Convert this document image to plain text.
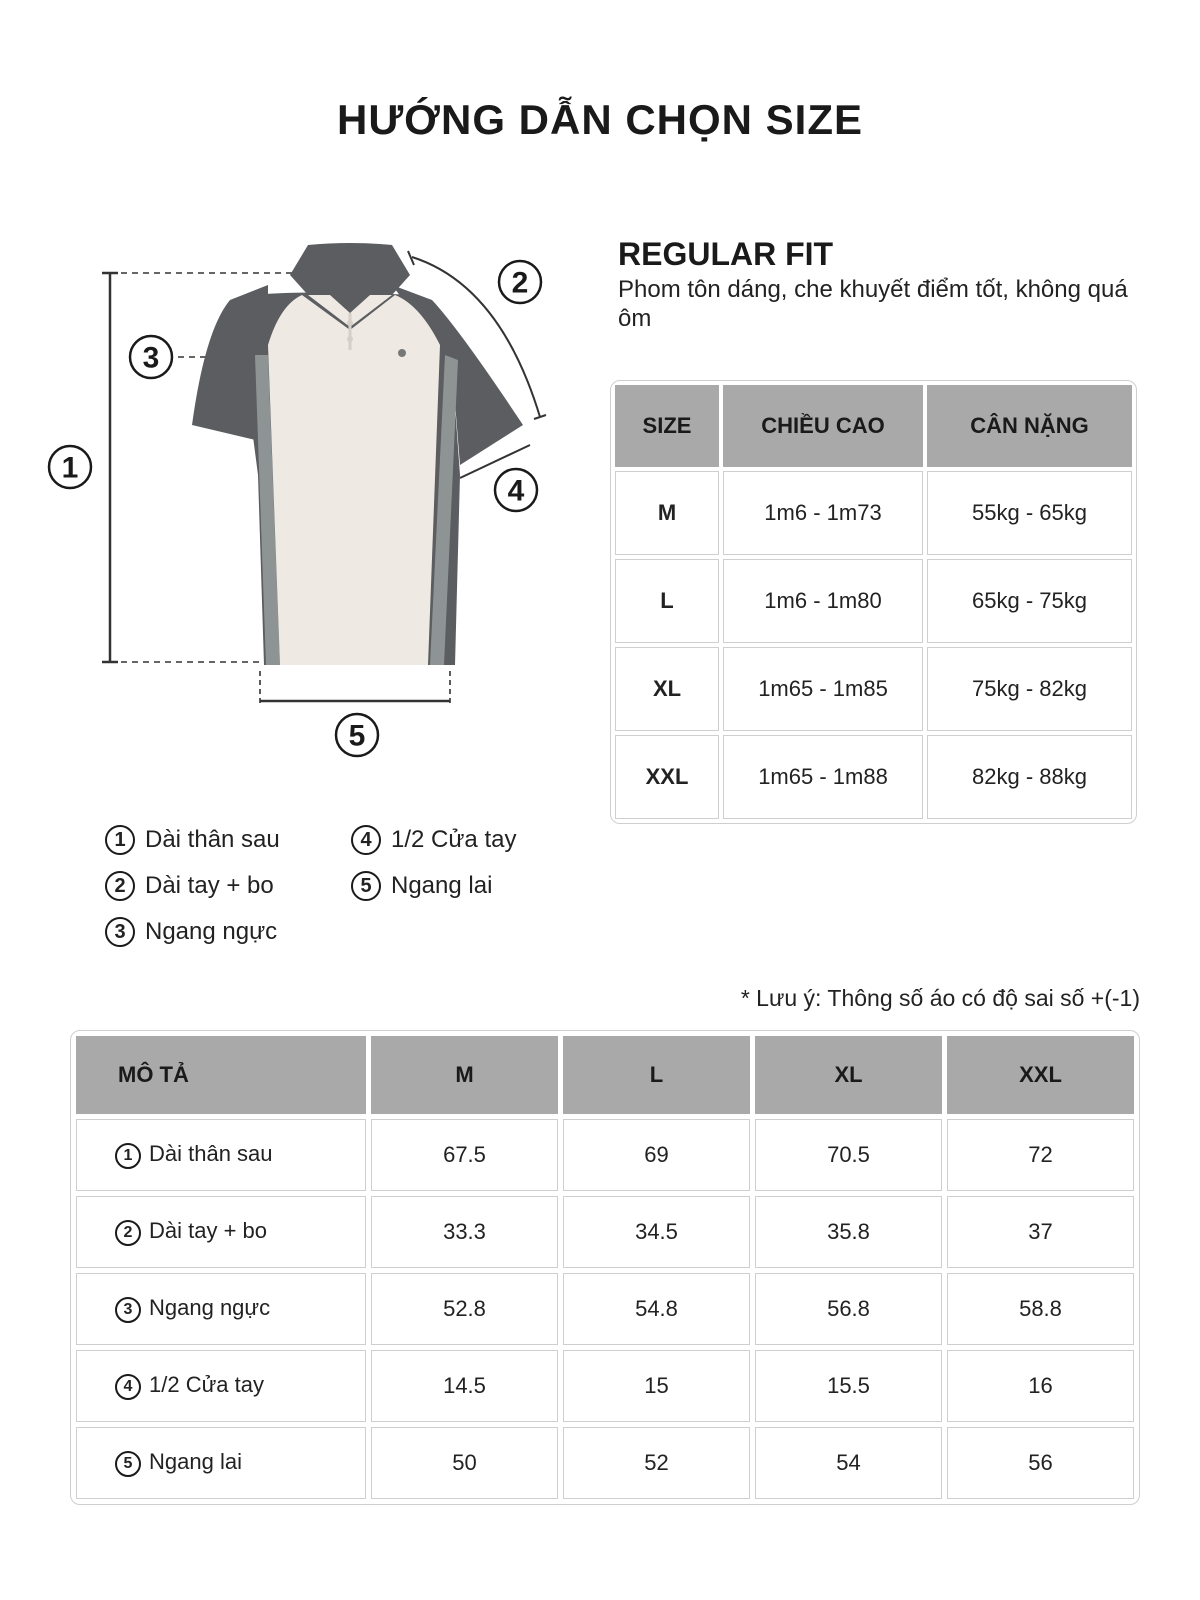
HƯỚNG DẪN CHỌN SIZE
1
2
3
4
5
REGULAR FIT

Phom tôn dáng, che khuyết điểm tốt, không quá ôm

SIZE	CHIỀU CAO	CÂN NẶNG
M	1m6 - 1m73	55kg - 65kg
L	1m6 - 1m80	65kg - 75kg
XL	1m65 - 1m85	75kg - 82kg
XXL	1m65 - 1m88	82kg - 88kg
1 Dài thân sau
2 Dài tay + bo
3 Ngang ngực
4 1/2 Cửa tay
5 Ngang lai

* Lưu ý: Thông số áo có độ sai số +(-1)

MÔ TẢ	M	L	XL	XXL
1 Dài thân sau	67.5	69	70.5	72
2 Dài tay + bo	33.3	34.5	35.8	37
3 Ngang ngực	52.8	54.8	56.8	58.8
4 1/2 Cửa tay	14.5	15	15.5	16
5 Ngang lai	50	52	54	56
